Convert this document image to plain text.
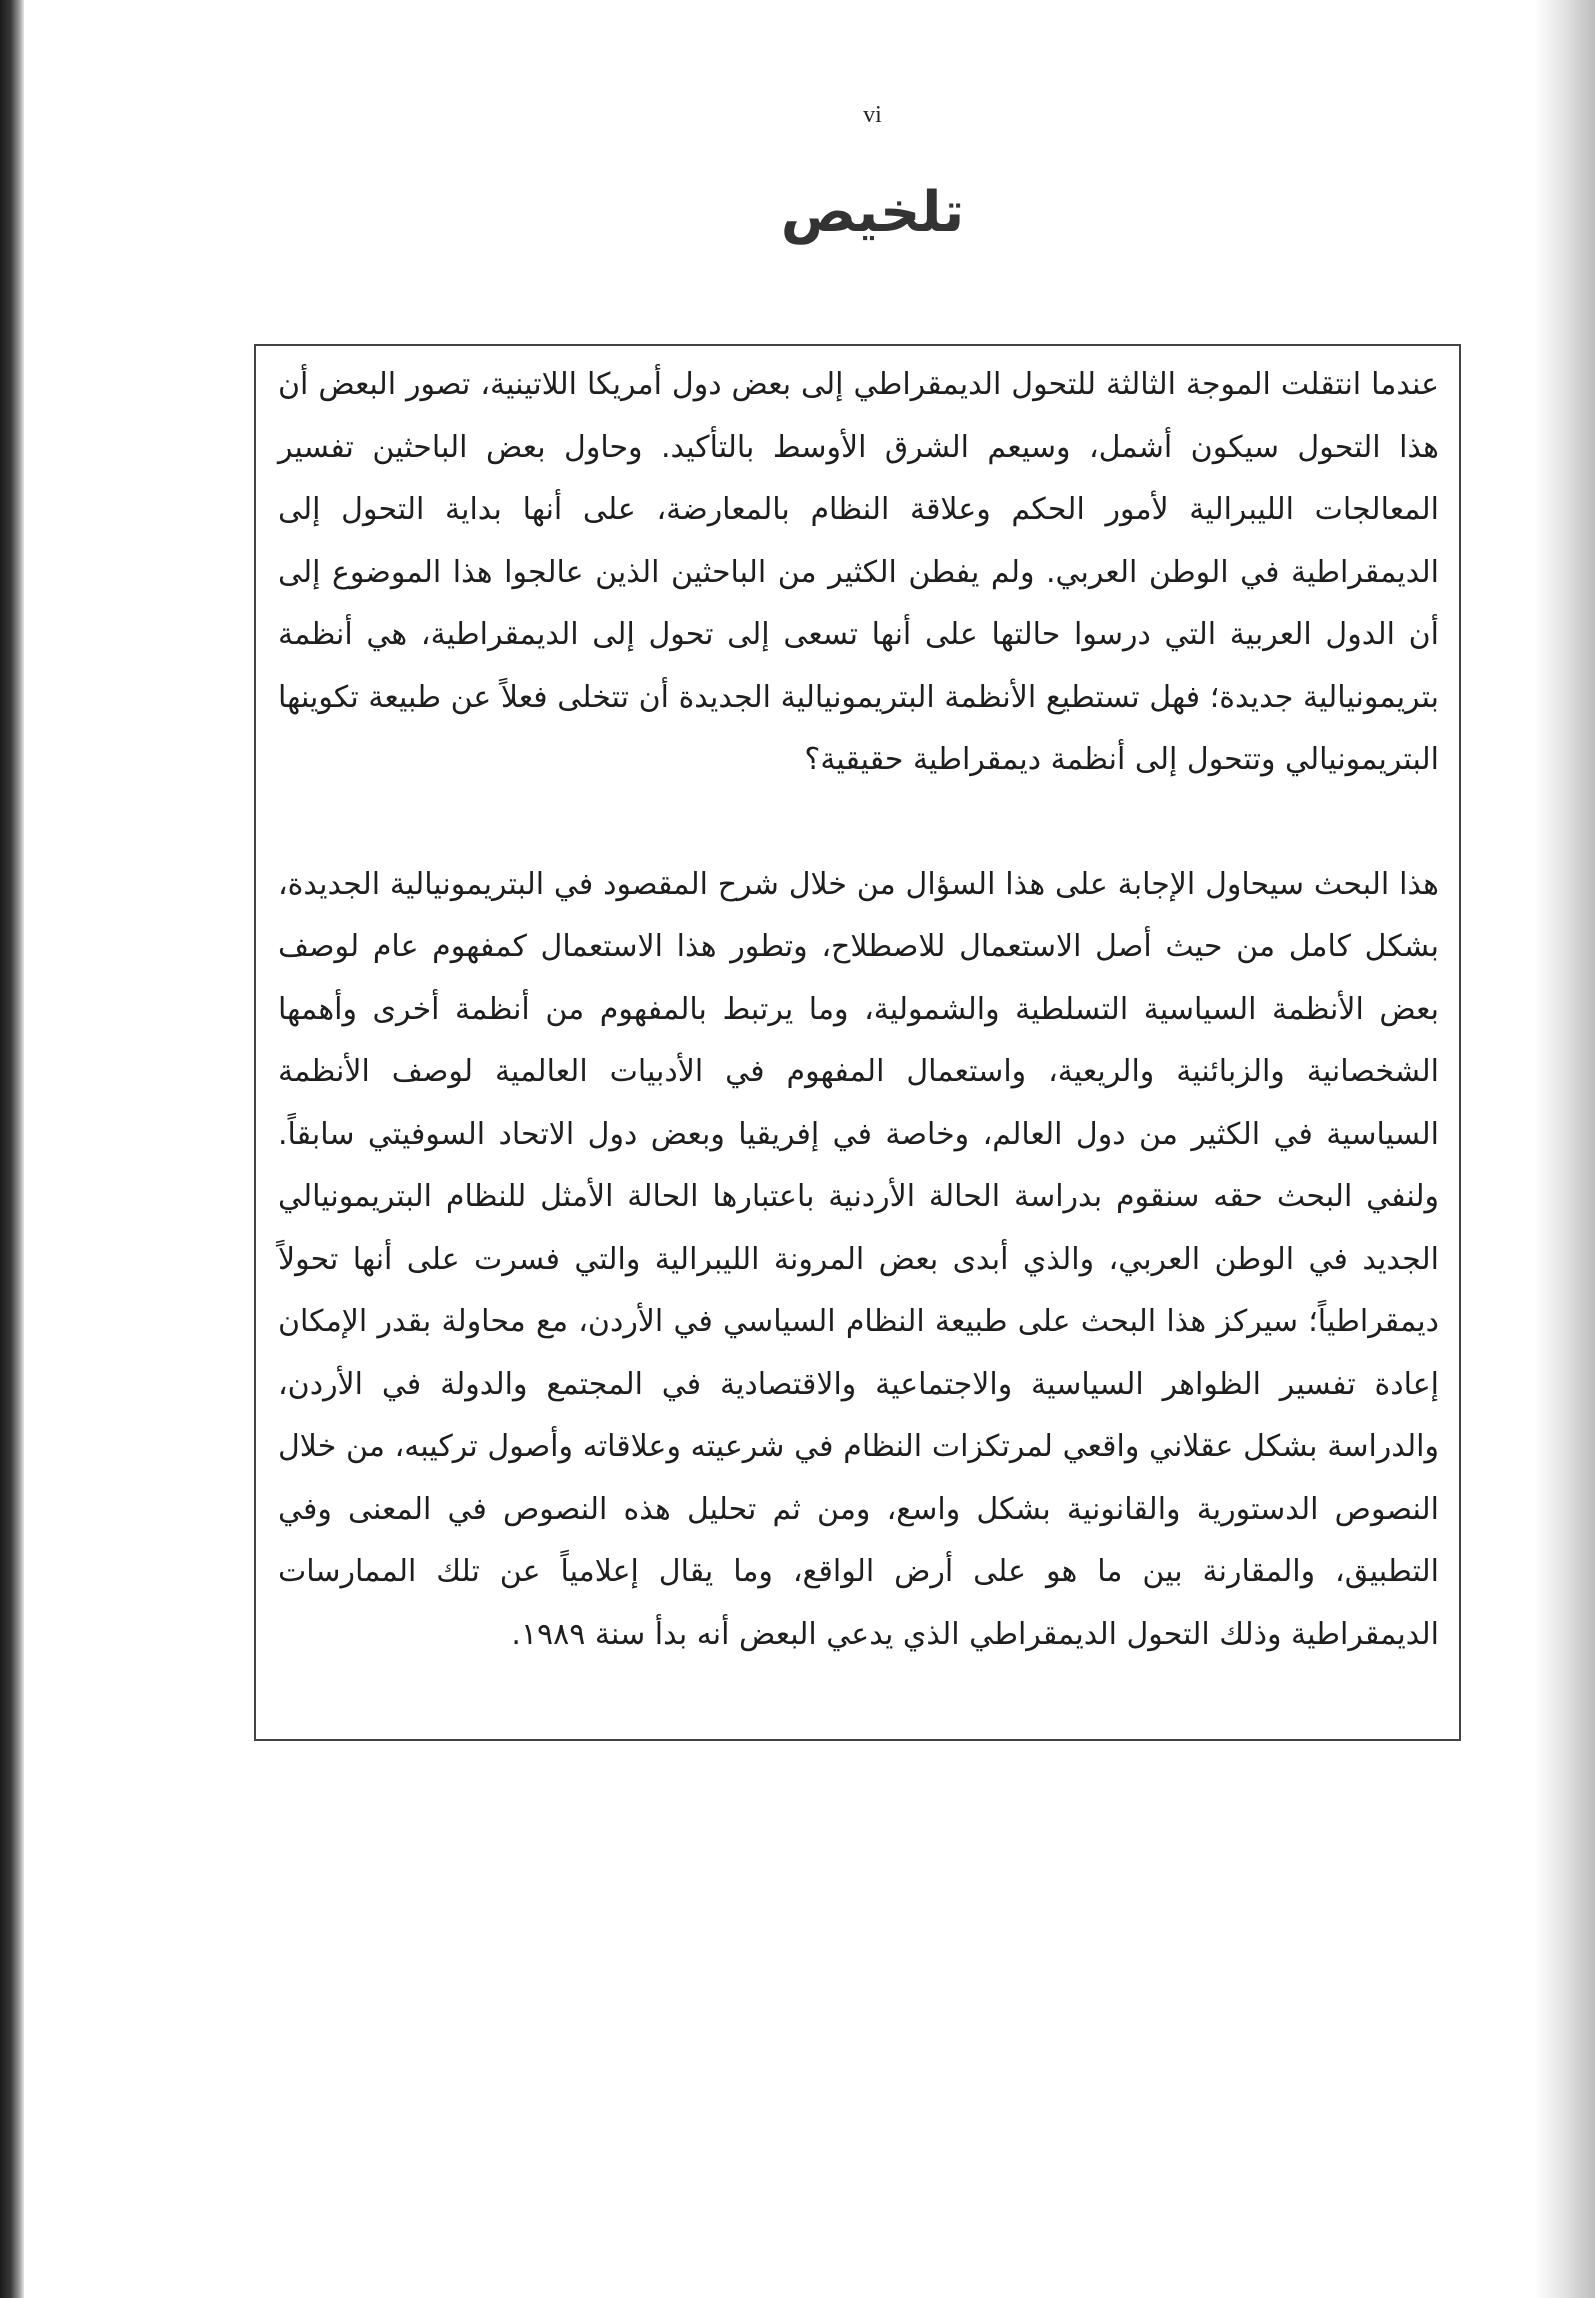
vi
تلخيص

عندما انتقلت الموجة الثالثة للتحول الديمقراطي إلى بعض دول أمريكا اللاتينية، تصور البعض أن هذا التحول سيكون أشمل، وسيعم الشرق الأوسط بالتأكيد. وحاول بعض الباحثين تفسير المعالجات الليبرالية لأمور الحكم وعلاقة النظام بالمعارضة، على أنها بداية التحول إلى الديمقراطية في الوطن العربي. ولم يفطن الكثير من الباحثين الذين عالجوا هذا الموضوع إلى أن الدول العربية التي درسوا حالتها على أنها تسعى إلى تحول إلى الديمقراطية، هي أنظمة بتريمونيالية جديدة؛ فهل تستطيع الأنظمة البتريمونيالية الجديدة أن تتخلى فعلاً عن طبيعة تكوينها البتريمونيالي وتتحول إلى أنظمة ديمقراطية حقيقية؟

هذا البحث سيحاول الإجابة على هذا السؤال من خلال شرح المقصود في البتريمونيالية الجديدة، بشكل كامل من حيث أصل الاستعمال للاصطلاح، وتطور هذا الاستعمال كمفهوم عام لوصف بعض الأنظمة السياسية التسلطية والشمولية، وما يرتبط بالمفهوم من أنظمة أخرى وأهمها الشخصانية والزبائنية والريعية، واستعمال المفهوم في الأدبيات العالمية لوصف الأنظمة السياسية في الكثير من دول العالم، وخاصة في إفريقيا وبعض دول الاتحاد السوفيتي سابقاً. ولنفي البحث حقه سنقوم بدراسة الحالة الأردنية باعتبارها الحالة الأمثل للنظام البتريمونيالي الجديد في الوطن العربي، والذي أبدى بعض المرونة الليبرالية والتي فسرت على أنها تحولاً ديمقراطياً؛ سيركز هذا البحث على طبيعة النظام السياسي في الأردن، مع محاولة بقدر الإمكان إعادة تفسير الظواهر السياسية والاجتماعية والاقتصادية في المجتمع والدولة في الأردن، والدراسة بشكل عقلاني واقعي لمرتكزات النظام في شرعيته وعلاقاته وأصول تركيبه، من خلال النصوص الدستورية والقانونية بشكل واسع، ومن ثم تحليل هذه النصوص في المعنى وفي التطبيق، والمقارنة بين ما هو على أرض الواقع، وما يقال إعلامياً عن تلك الممارسات الديمقراطية وذلك التحول الديمقراطي الذي يدعي البعض أنه بدأ سنة ١٩٨٩.
